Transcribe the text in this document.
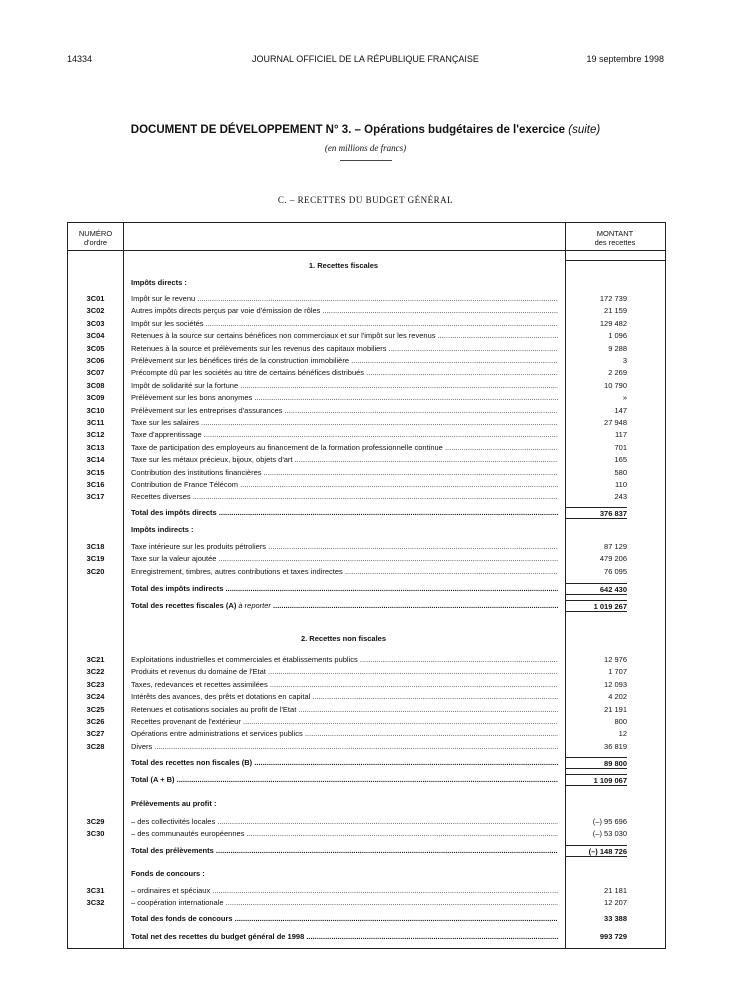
14334	JOURNAL OFFICIEL DE LA RÉPUBLIQUE FRANÇAISE	19 septembre 1998
DOCUMENT DE DÉVELOPPEMENT N° 3. – Opérations budgétaires de l'exercice (suite)
(en millions de francs)
C. – RECETTES DU BUDGET GÉNÉRAL
NUMÉRO
d'ordre
MONTANT
des recettes
1. Recettes fiscales
Impôts directs :
3C01	Impôt sur le revenu .....	172 739
3C02	Autres impôts directs perçus par voie d'émission de rôles .....	21 159
3C03	Impôt sur les sociétés .....	129 482
3C04	Retenues à la source sur certains bénéfices non commerciaux et sur l'impôt sur les revenus .....	1 096
3C05	Retenues à la source et prélèvements sur les revenus des capitaux mobiliers .....	9 288
3C06	Prélèvement sur les bénéfices tirés de la construction immobilière .....	3
3C07	Précompte dû par les sociétés au titre de certains bénéfices distribués .....	2 269
3C08	Impôt de solidarité sur la fortune .....	10 790
3C09	Prélèvement sur les bons anonymes .....	»
3C10	Prélèvement sur les entreprises d'assurances .....	147
3C11	Taxe sur les salaires .....	27 948
3C12	Taxe d'apprentissage .....	117
3C13	Taxe de participation des employeurs au financement de la formation professionnelle continue .....	701
3C14	Taxe sur les métaux précieux, bijoux, objets d'art .....	165
3C15	Contribution des institutions financières .....	580
3C16	Contribution de France Télécom .....	110
3C17	Recettes diverses .....	243
Total des impôts directs .....	376 837
Impôts indirects :
3C18	Taxe intérieure sur les produits pétroliers .....	87 129
3C19	Taxe sur la valeur ajoutée .....	479 206
3C20	Enregistrement, timbres, autres contributions et taxes indirectes .....	76 095
Total des impôts indirects .....	642 430
Total des recettes fiscales (A) à reporter .....	1 019 267
2. Recettes non fiscales
3C21	Exploitations industrielles et commerciales et établissements publics .....	12 976
3C22	Produits et revenus du domaine de l'Etat .....	1 707
3C23	Taxes, redevances et recettes assimilées .....	12 093
3C24	Intérêts des avances, des prêts et dotations en capital .....	4 202
3C25	Retenues et cotisations sociales au profit de l'Etat .....	21 191
3C26	Recettes provenant de l'extérieur .....	800
3C27	Opérations entre administrations et services publics .....	12
3C28	Divers .....	36 819
Total des recettes non fiscales (B) .....	89 800
Total (A + B) .....	1 109 067
Prélèvements au profit :
3C29	– des collectivités locales .....	(–) 95 696
3C30	– des communautés européennes .....	(–) 53 030
Total des prélèvements .....	(–) 148 726
Fonds de concours :
3C31	– ordinaires et spéciaux .....	21 181
3C32	– coopération internationale .....	12 207
Total des fonds de concours .....	33 388
Total net des recettes du budget général de 1998 .....	993 729
